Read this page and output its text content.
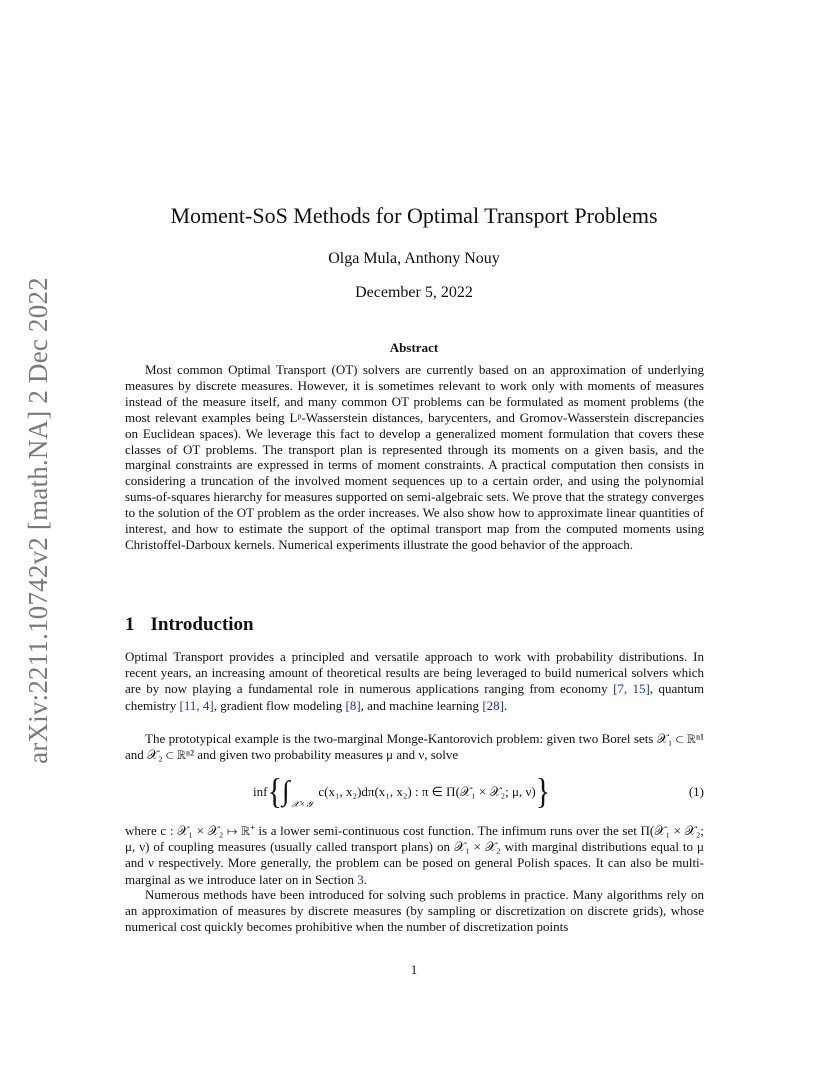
arXiv:2211.10742v2 [math.NA] 2 Dec 2022
Moment-SoS Methods for Optimal Transport Problems
Olga Mula, Anthony Nouy
December 5, 2022
Abstract

Most common Optimal Transport (OT) solvers are currently based on an approximation of underlying measures by discrete measures. However, it is sometimes relevant to work only with moments of measures instead of the measure itself, and many common OT problems can be formulated as moment problems (the most relevant examples being Lᵖ-Wasserstein distances, barycenters, and Gromov-Wasserstein discrepancies on Euclidean spaces). We leverage this fact to develop a generalized moment formulation that covers these classes of OT problems. The transport plan is represented through its moments on a given basis, and the marginal constraints are expressed in terms of moment constraints. A practical computation then consists in considering a truncation of the involved moment sequences up to a certain order, and using the polynomial sums-of-squares hierarchy for measures supported on semi-algebraic sets. We prove that the strategy converges to the solution of the OT problem as the order increases. We also show how to approximate linear quantities of interest, and how to estimate the support of the optimal transport map from the computed moments using Christoffel-Darboux kernels. Numerical experiments illustrate the good behavior of the approach.

1 Introduction

Optimal Transport provides a principled and versatile approach to work with probability distributions. In recent years, an increasing amount of theoretical results are being leveraged to build numerical solvers which are by now playing a fundamental role in numerous applications ranging from economy [7, 15], quantum chemistry [11, 4], gradient flow modeling [8], and machine learning [28].

The prototypical example is the two-marginal Monge-Kantorovich problem: given two Borel sets 𝒳₁ ⊂ ℝⁿ¹ and 𝒳₂ ⊂ ℝⁿ² and given two probability measures μ and ν, solve

inf { ∫ 𝒳×𝒴
c(x₁, x₂)dπ(x₁, x₂) : π ∈ Π(𝒳₁ × 𝒳₂; μ, ν) }	(1)

where c : 𝒳₁ × 𝒳₂ ↦ ℝ⁺ is a lower semi-continuous cost function. The infimum runs over the set Π(𝒳₁ × 𝒳₂; μ, ν) of coupling measures (usually called transport plans) on 𝒳₁ × 𝒳₂ with marginal distributions equal to μ and ν respectively. More generally, the problem can be posed on general Polish spaces. It can also be multi-marginal as we introduce later on in Section 3.

Numerous methods have been introduced for solving such problems in practice. Many algorithms rely on an approximation of measures by discrete measures (by sampling or discretization on discrete grids), whose numerical cost quickly becomes prohibitive when the number of discretization points

1
